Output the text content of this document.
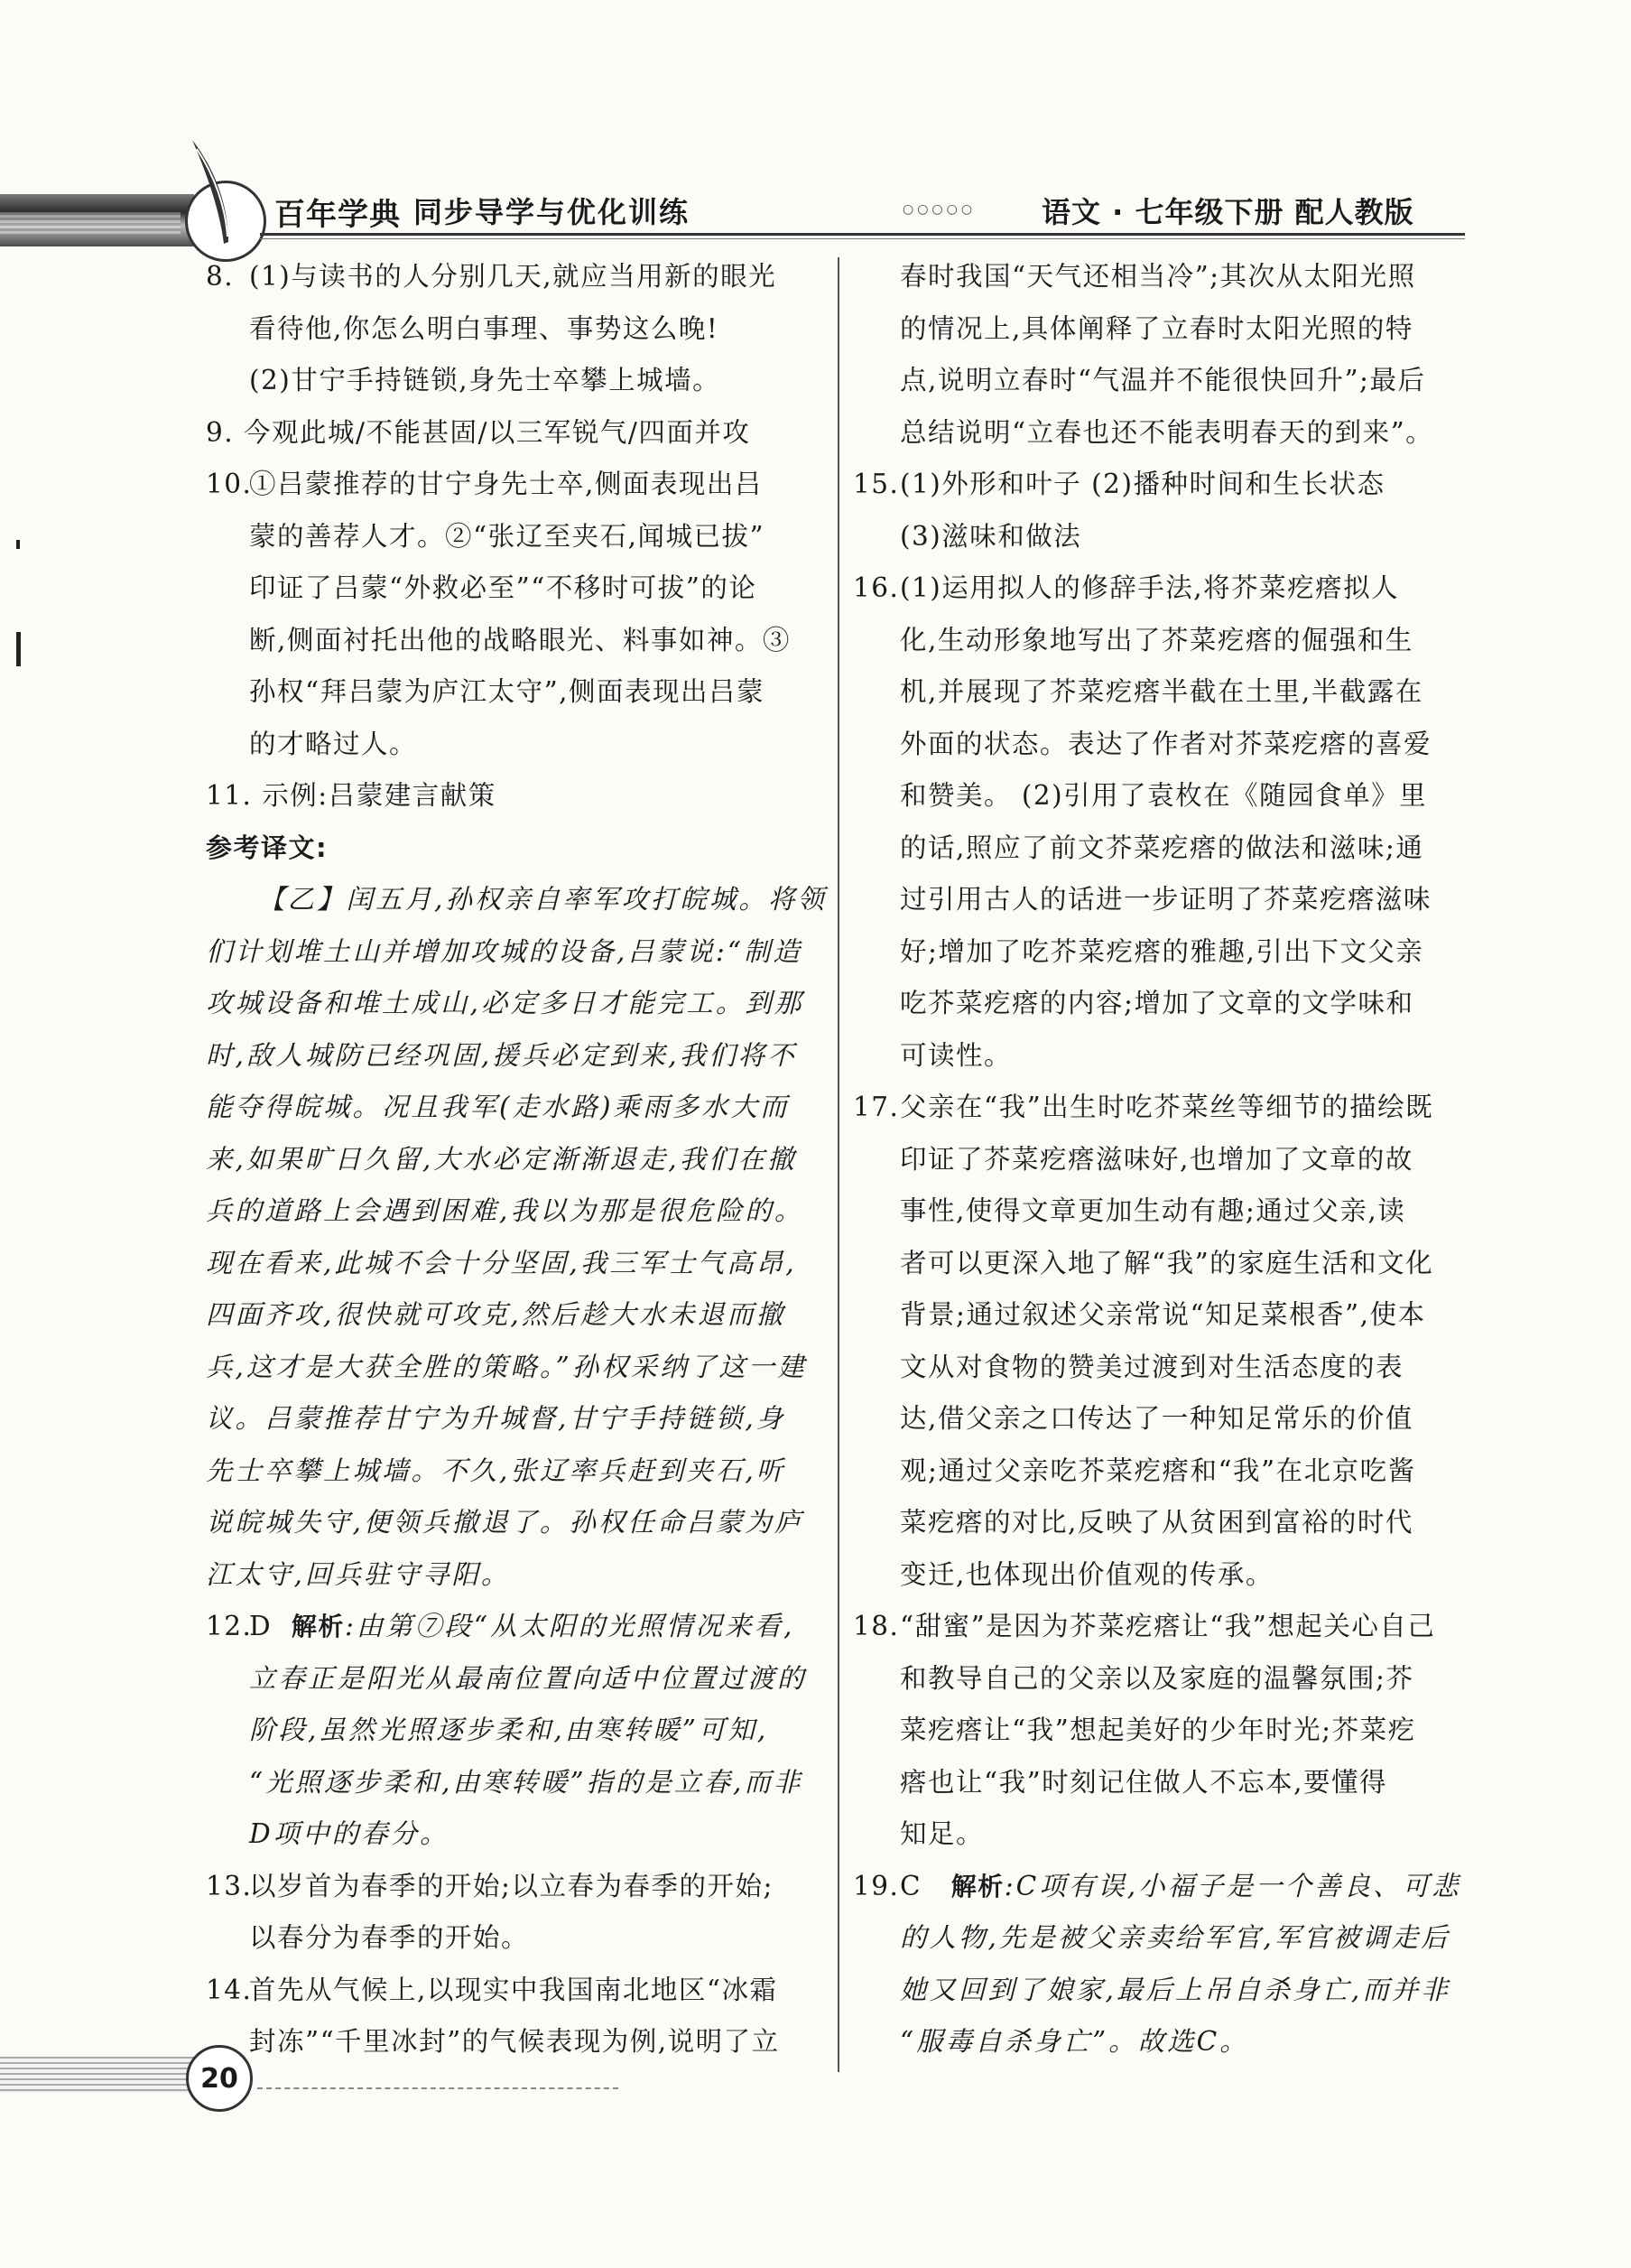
百年学典 同步导学与优化训练	○○○○○ 语文 · 七年级下册 配人教版
8. (1)与读书的人分别几天,就应当用新的眼光

看待他,你怎么明白事理、事势这么晚!

(2)甘宁手持链锁,身先士卒攀上城墙。

9. 今观此城/不能甚固/以三军锐气/四面并攻

10.

①吕蒙推荐的甘宁身先士卒,侧面表现出吕

蒙的善荐人才。②“张辽至夹石,闻城已拔”

印证了吕蒙“外救必至”“不移时可拔”的论

断,侧面衬托出他的战略眼光、料事如神。③

孙权“拜吕蒙为庐江太守”,侧面表现出吕蒙

的才略过人。

11. 示例:吕蒙建言献策

参考译文:

【乙】闰五月,孙权亲自率军攻打皖城。将领

们计划堆土山并增加攻城的设备,吕蒙说:“制造

攻城设备和堆土成山,必定多日才能完工。到那

时,敌人城防已经巩固,援兵必定到来,我们将不

能夺得皖城。况且我军(走水路)乘雨多水大而

来,如果旷日久留,大水必定渐渐退走,我们在撤

兵的道路上会遇到困难,我以为那是很危险的。

现在看来,此城不会十分坚固,我三军士气高昂,

四面齐攻,很快就可攻克,然后趁大水未退而撤

兵,这才是大获全胜的策略。”孙权采纳了这一建

议。吕蒙推荐甘宁为升城督,甘宁手持链锁,身

先士卒攀上城墙。不久,张辽率兵赶到夹石,听

说皖城失守,便领兵撤退了。孙权任命吕蒙为庐

江太守,回兵驻守寻阳。

12.

D 解析:由第⑦段“从太阳的光照情况来看,

立春正是阳光从最南位置向适中位置过渡的

阶段,虽然光照逐步柔和,由寒转暖”可知,

“光照逐步柔和,由寒转暖”指的是立春,而非

D项中的春分。

13.

以岁首为春季的开始;以立春为春季的开始;

以春分为春季的开始。

14.

首先从气候上,以现实中我国南北地区“冰霜

封冻”“千里冰封”的气候表现为例,说明了立

春时我国“天气还相当冷”;其次从太阳光照

的情况上,具体阐释了立春时太阳光照的特

点,说明立春时“气温并不能很快回升”;最后

总结说明“立春也还不能表明春天的到来”。

15. (1)外形和叶子 (2)播种时间和生长状态

(3)滋味和做法

16. (1)运用拟人的修辞手法,将芥菜疙瘩拟人

化,生动形象地写出了芥菜疙瘩的倔强和生

机,并展现了芥菜疙瘩半截在土里,半截露在

外面的状态。表达了作者对芥菜疙瘩的喜爱

和赞美。 (2)引用了袁枚在《随园食单》里

的话,照应了前文芥菜疙瘩的做法和滋味;通

过引用古人的话进一步证明了芥菜疙瘩滋味

好;增加了吃芥菜疙瘩的雅趣,引出下文父亲

吃芥菜疙瘩的内容;增加了文章的文学味和

可读性。

17. 父亲在“我”出生时吃芥菜丝等细节的描绘既

印证了芥菜疙瘩滋味好,也增加了文章的故

事性,使得文章更加生动有趣;通过父亲,读

者可以更深入地了解“我”的家庭生活和文化

背景;通过叙述父亲常说“知足菜根香”,使本

文从对食物的赞美过渡到对生活态度的表

达,借父亲之口传达了一种知足常乐的价值

观;通过父亲吃芥菜疙瘩和“我”在北京吃酱

菜疙瘩的对比,反映了从贫困到富裕的时代

变迁,也体现出价值观的传承。

18. “甜蜜”是因为芥菜疙瘩让“我”想起关心自己

和教导自己的父亲以及家庭的温馨氛围;芥

菜疙瘩让“我”想起美好的少年时光;芥菜疙

瘩也让“我”时刻记住做人不忘本,要懂得

知足。

19. C 解析:C项有误,小福子是一个善良、可悲

的人物,先是被父亲卖给军官,军官被调走后

她又回到了娘家,最后上吊自杀身亡,而并非

“服毒自杀身亡”。故选C。

20
